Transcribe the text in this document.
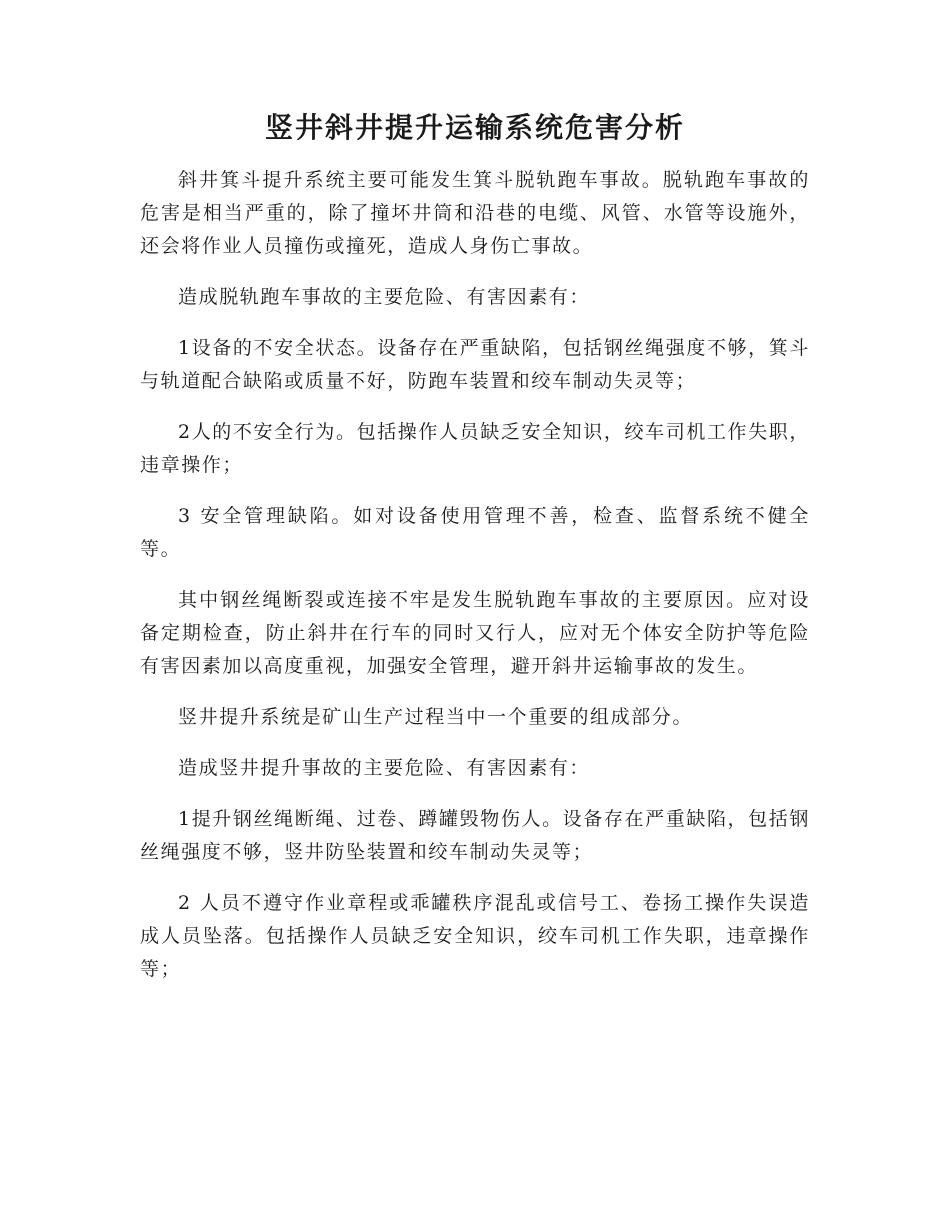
竖井斜井提升运输系统危害分析

斜井箕斗提升系统主要可能发生箕斗脱轨跑车事故。脱轨跑车事故的危害是相当严重的，除了撞坏井筒和沿巷的电缆、风管、水管等设施外，还会将作业人员撞伤或撞死，造成人身伤亡事故。

造成脱轨跑车事故的主要危险、有害因素有：

1设备的不安全状态。设备存在严重缺陷，包括钢丝绳强度不够，箕斗与轨道配合缺陷或质量不好，防跑车装置和绞车制动失灵等；

2人的不安全行为。包括操作人员缺乏安全知识，绞车司机工作失职，违章操作；

3 安全管理缺陷。如对设备使用管理不善，检查、监督系统不健全等。

其中钢丝绳断裂或连接不牢是发生脱轨跑车事故的主要原因。应对设备定期检查，防止斜井在行车的同时又行人，应对无个体安全防护等危险有害因素加以高度重视，加强安全管理，避开斜井运输事故的发生。

竖井提升系统是矿山生产过程当中一个重要的组成部分。

造成竖井提升事故的主要危险、有害因素有：

1提升钢丝绳断绳、过卷、蹲罐毁物伤人。设备存在严重缺陷，包括钢丝绳强度不够，竖井防坠装置和绞车制动失灵等；

2 人员不遵守作业章程或乖罐秩序混乱或信号工、卷扬工操作失误造成人员坠落。包括操作人员缺乏安全知识，绞车司机工作失职，违章操作等；
